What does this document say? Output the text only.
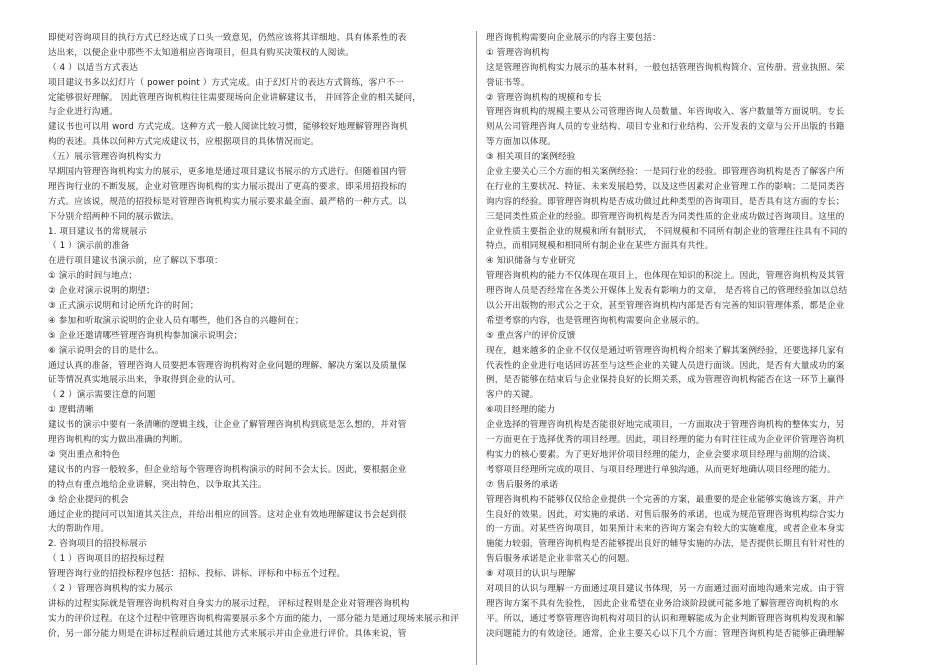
即使对咨询项目的执行方式已经达成了口头一致意见，仍然应该将其详细地、具有体系性的表
达出来，以便企业中那些不太知道相应咨询项目，但具有购买决策权的人阅读。
（ 4 ）以适当方式表达
项目建议书多以幻灯片（ power point ）方式完成。由于幻灯片的表达方式简练，客户不一
定能够很好理解。 因此管理咨询机构往往需要现场向企业讲解建议书， 并回答企业的相关疑问，
与企业进行沟通。
建议书也可以用 word 方式完成。这种方式一般人阅读比较习惯，能够较好地理解管理咨询机
构的表述。具体以何种方式完成建议书，应根据项目的具体情况而定。
（五）展示管理咨询机构实力
早期国内管理咨询机构实力的展示，更多地是通过项目建议书展示的方式进行。但随着国内管
理咨询行业的不断发展，企业对管理咨询机构的实力展示提出了更高的要求，即采用招投标的
方式。应该说，规范的招投标是对管理咨询机构实力展示要求最全面、最严格的一种方式。以
下分别介绍两种不同的展示做法。
1. 项目建议书的常规展示
（ 1 ）演示前的准备
在进行项目建议书演示前，应了解以下事项：
① 演示的时间与地点；
② 企业对演示说明的期望；
③ 正式演示说明和讨论所允许的时间；
④ 参加和听取演示说明的企业人员有哪些，他们各自的兴趣何在；
⑤ 企业还邀请哪些管理咨询机构参加演示说明会；
⑥ 演示说明会的目的是什么。
通过认真的准备，管理咨询人员要把本管理咨询机构对企业问题的理解、解决方案以及质量保
证等情况真实地展示出来，争取得到企业的认可。
（ 2 ）演示需要注意的问题
① 逻辑清晰
建议书的演示中要有一条清晰的逻辑主线，让企业了解管理咨询机构到底是怎么想的，并对管
理咨询机构的实力做出准确的判断。
② 突出重点和特色
建议书的内容一般较多，但企业给每个管理咨询机构演示的时间不会太长。因此，要根据企业
的特点有重点地给企业讲解，突出特色，以争取其关注。
③ 给企业提问的机会
通过企业的提问可以知道其关注点，并给出相应的回答。这对企业有效地理解建议书会起到很
大的帮助作用。
2. 咨询项目的招投标展示
（ 1 ）咨询项目的招投标过程
管理咨询行业的招投标程序包括：招标、投标、讲标、评标和中标五个过程。
（ 2 ）管理咨询机构的实力展示
讲标的过程实际就是管理咨询机构对自身实力的展示过程， 评标过程则是企业对管理咨询机构
实力的评价过程。在这个过程中管理咨询机构需要展示多个方面的能力，一部分能力是通过现场来展示和评
价，另一部分能力则是在讲标过程前后通过其他方式来展示并由企业进行评价。具体来说，管
理咨询机构需要向企业展示的内容主要包括：
① 管理咨询机构
这是管理咨询机构实力展示的基本材料，一般包括管理咨询机构简介、宣传册、营业执照、荣
誉证书等。
② 管理咨询机构的规模和专长
管理咨询机构的规模主要从公司管理咨询人员数量、年咨询收入、客户数量等方面说明。专长
则从公司管理咨询人员的专业结构、项目专业和行业结构、公开发表的文章与公开出版的书籍
等方面加以体现。
③ 相关项目的案例经验
企业主要关心三个方面的相关案例经验：一是同行业的经验。即管理咨询机构是否了解客户所
在行业的主要状况、特征、未来发展趋势，以及这些因素对企业管理工作的影响；二是同类咨
询内容的经验。即管理咨询机构是否成功做过此种类型的咨询项目，是否具有这方面的专长；
三是同类性质企业的经验。即管理咨询机构是否为同类性质的企业成功做过咨询项目。这里的
企业性质主要指企业的规模和所有制形式， 不同规模和不同所有制企业的管理往往具有不同的
特点，而相同规模和相同所有制企业在某些方面具有共性。
④ 知识储备与专业研究
管理咨询机构的能力不仅体现在项目上，也体现在知识的积淀上。因此，管理咨询机构及其管
理咨询人员是否经常在各类公开媒体上发表有影响力的文章， 是否将自己的管理经验加以总结
以公开出版物的形式公之于众，甚至管理咨询机构内部是否有完善的知识管理体系，都是企业
希望考察的内容，也是管理咨询机构需要向企业展示的。
⑤ 重点客户的评价反馈
现在，越来越多的企业不仅仅是通过听管理咨询机构介绍来了解其案例经验，还要选择几家有
代表性的企业进行电话回访甚至与这些企业的关键人员进行面谈。因此，是否有大量成功的案
例，是否能够在结束后与企业保持良好的长期关系，成为管理咨询机构能否在这一环节上赢得
客户的关键。
⑥项目经理的能力
企业选择的管理咨询机构是否能很好地完成项目，一方面取决于管理咨询机构的整体实力，另
一方面更在于选择优秀的项目经理。因此，项目经理的能力有时往往成为企业评价管理咨询机
构实力的核心要素。为了更好地评价项目经理的能力，企业会要求项目经理与前期的洽谈、
考察项目经理所完成的项目、与项目经理进行单独沟通，从而更好地确认项目经理的能力。
⑦ 售后服务的承诺
管理咨询机构不能够仅仅给企业提供一个完善的方案，最重要的是企业能够实施该方案，并产
生良好的效果。因此，对实施的承诺、对售后服务的承诺，也成为规范管理咨询机构综合实力
的一方面。对某些咨询项目，如果预计未来的咨询方案会有较大的实施难度，或者企业本身实
施能力较弱，管理咨询机构是否能够提出良好的辅导实施的办法，是否提供长期且有针对性的
售后服务承诺是企业非常关心的问题。
⑧ 对项目的认识与理解
对项目的认识与理解一方面通过项目建议书体现，另一方面通过面对面地沟通来完成。由于管
理咨询方案不具有先验性， 因此企业希望在业务洽谈阶段就可能多地了解管理咨询机构的水
平。所以，通过考察管理咨询机构对项目的认识和理解能成为企业判断管理咨询机构发现和解
决问题能力的有效途径。通常，企业主要关心以下几个方面：管理咨询机构是否能够正确理解
